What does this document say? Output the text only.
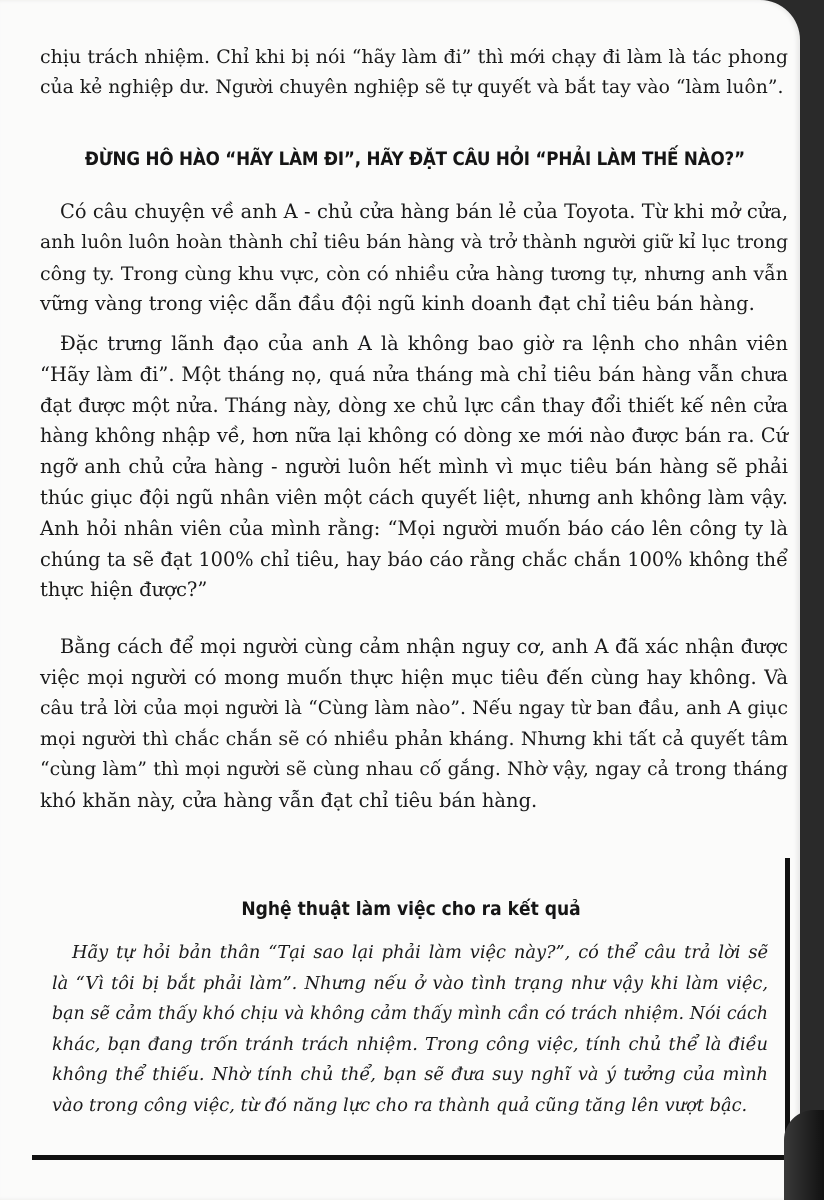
chịu trách nhiệm. Chỉ khi bị nói “hãy làm đi” thì mới chạy đi làm là tác phong
của kẻ nghiệp dư. Người chuyên nghiệp sẽ tự quyết và bắt tay vào “làm luôn”.
ĐỪNG HÔ HÀO “HÃY LÀM ĐI”, HÃY ĐẶT CÂU HỎI “PHẢI LÀM THẾ NÀO?”
Có câu chuyện về anh A - chủ cửa hàng bán lẻ của Toyota. Từ khi mở cửa,
anh luôn luôn hoàn thành chỉ tiêu bán hàng và trở thành người giữ kỉ lục trong
công ty. Trong cùng khu vực, còn có nhiều cửa hàng tương tự, nhưng anh vẫn
vững vàng trong việc dẫn đầu đội ngũ kinh doanh đạt chỉ tiêu bán hàng.
Đặc trưng lãnh đạo của anh A là không bao giờ ra lệnh cho nhân viên
“Hãy làm đi”. Một tháng nọ, quá nửa tháng mà chỉ tiêu bán hàng vẫn chưa
đạt được một nửa. Tháng này, dòng xe chủ lực cần thay đổi thiết kế nên cửa
hàng không nhập về, hơn nữa lại không có dòng xe mới nào được bán ra. Cứ
ngỡ anh chủ cửa hàng - người luôn hết mình vì mục tiêu bán hàng sẽ phải
thúc giục đội ngũ nhân viên một cách quyết liệt, nhưng anh không làm vậy.
Anh hỏi nhân viên của mình rằng: “Mọi người muốn báo cáo lên công ty là
chúng ta sẽ đạt 100% chỉ tiêu, hay báo cáo rằng chắc chắn 100% không thể
thực hiện được?”
Bằng cách để mọi người cùng cảm nhận nguy cơ, anh A đã xác nhận được
việc mọi người có mong muốn thực hiện mục tiêu đến cùng hay không. Và
câu trả lời của mọi người là “Cùng làm nào”. Nếu ngay từ ban đầu, anh A giục
mọi người thì chắc chắn sẽ có nhiều phản kháng. Nhưng khi tất cả quyết tâm
“cùng làm” thì mọi người sẽ cùng nhau cố gắng. Nhờ vậy, ngay cả trong tháng
khó khăn này, cửa hàng vẫn đạt chỉ tiêu bán hàng.
Nghệ thuật làm việc cho ra kết quả
Hãy tự hỏi bản thân “Tại sao lại phải làm việc này?”, có thể câu trả lời sẽ
là “Vì tôi bị bắt phải làm”. Nhưng nếu ở vào tình trạng như vậy khi làm việc,
bạn sẽ cảm thấy khó chịu và không cảm thấy mình cần có trách nhiệm. Nói cách
khác, bạn đang trốn tránh trách nhiệm. Trong công việc, tính chủ thể là điều
không thể thiếu. Nhờ tính chủ thể, bạn sẽ đưa suy nghĩ và ý tưởng của mình
vào trong công việc, từ đó năng lực cho ra thành quả cũng tăng lên vượt bậc.
